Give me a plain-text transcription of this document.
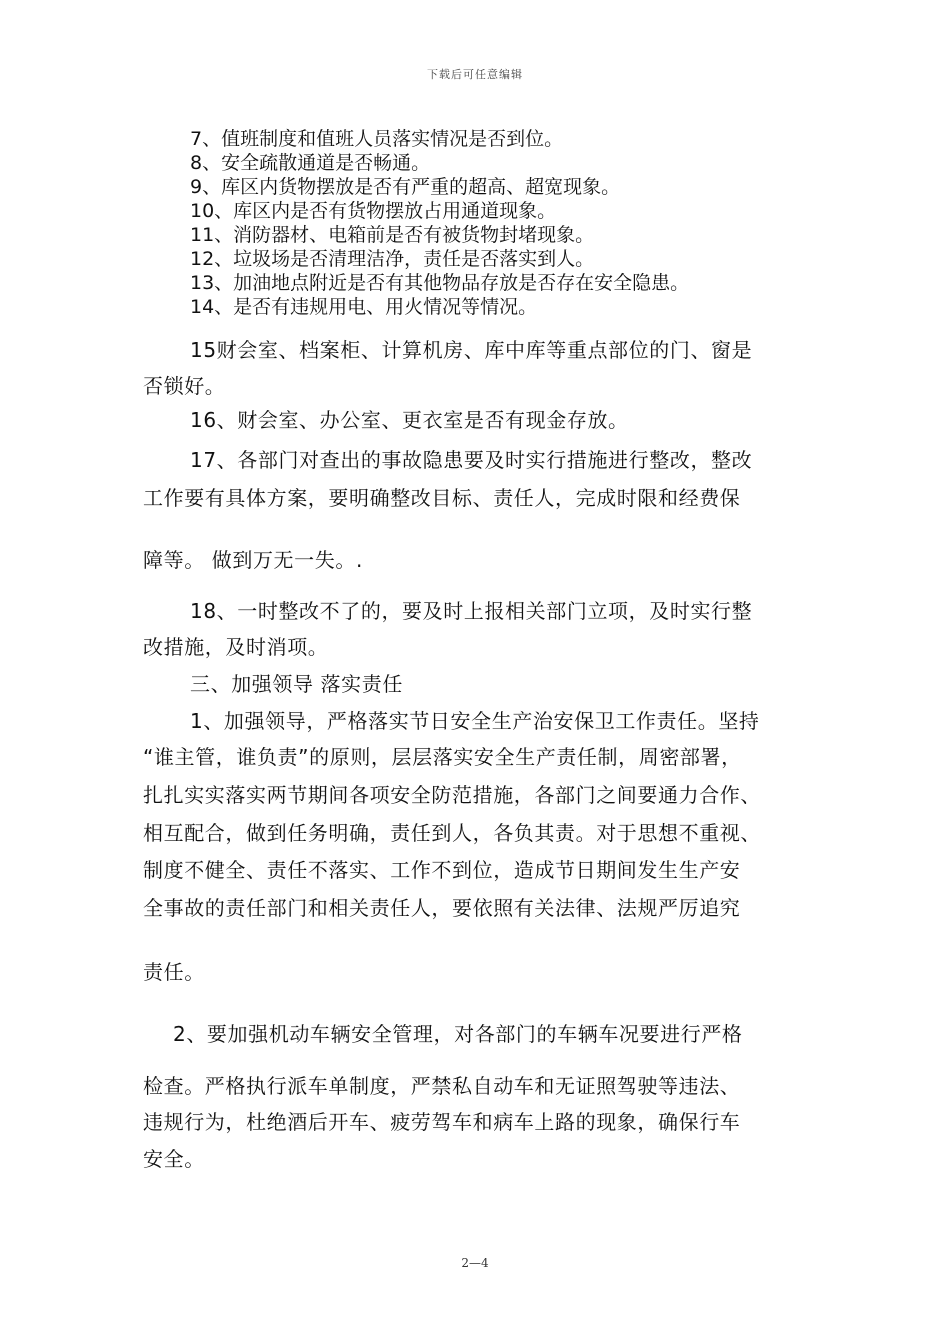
下载后可任意编辑
7、值班制度和值班人员落实情况是否到位。
8、安全疏散通道是否畅通。
9、库区内货物摆放是否有严重的超高、超宽现象。
10、库区内是否有货物摆放占用通道现象。
11、消防器材、电箱前是否有被货物封堵现象。
12、垃圾场是否清理洁净，责任是否落实到人。
13、加油地点附近是否有其他物品存放是否存在安全隐患。
14、是否有违规用电、用火情况等情况。
15财会室、档案柜、计算机房、库中库等重点部位的门、窗是
否锁好。
16、财会室、办公室、更衣室是否有现金存放。
17、各部门对查出的事故隐患要及时实行措施进行整改，整改
工作要有具体方案，要明确整改目标、责任人，完成时限和经费保
障等。 做到万无一失。.
18、一时整改不了的，要及时上报相关部门立项，及时实行整
改措施，及时消项。
三、加强领导 落实责任
1、加强领导，严格落实节日安全生产治安保卫工作责任。坚持
“谁主管，谁负责”的原则，层层落实安全生产责任制，周密部署，
扎扎实实落实两节期间各项安全防范措施，各部门之间要通力合作、
相互配合，做到任务明确，责任到人，各负其责。对于思想不重视、
制度不健全、责任不落实、工作不到位，造成节日期间发生生产安
全事故的责任部门和相关责任人，要依照有关法律、法规严厉追究
责任。
2、要加强机动车辆安全管理，对各部门的车辆车况要进行严格
检查。严格执行派车单制度，严禁私自动车和无证照驾驶等违法、
违规行为，杜绝酒后开车、疲劳驾车和病车上路的现象，确保行车
安全。
2—4
